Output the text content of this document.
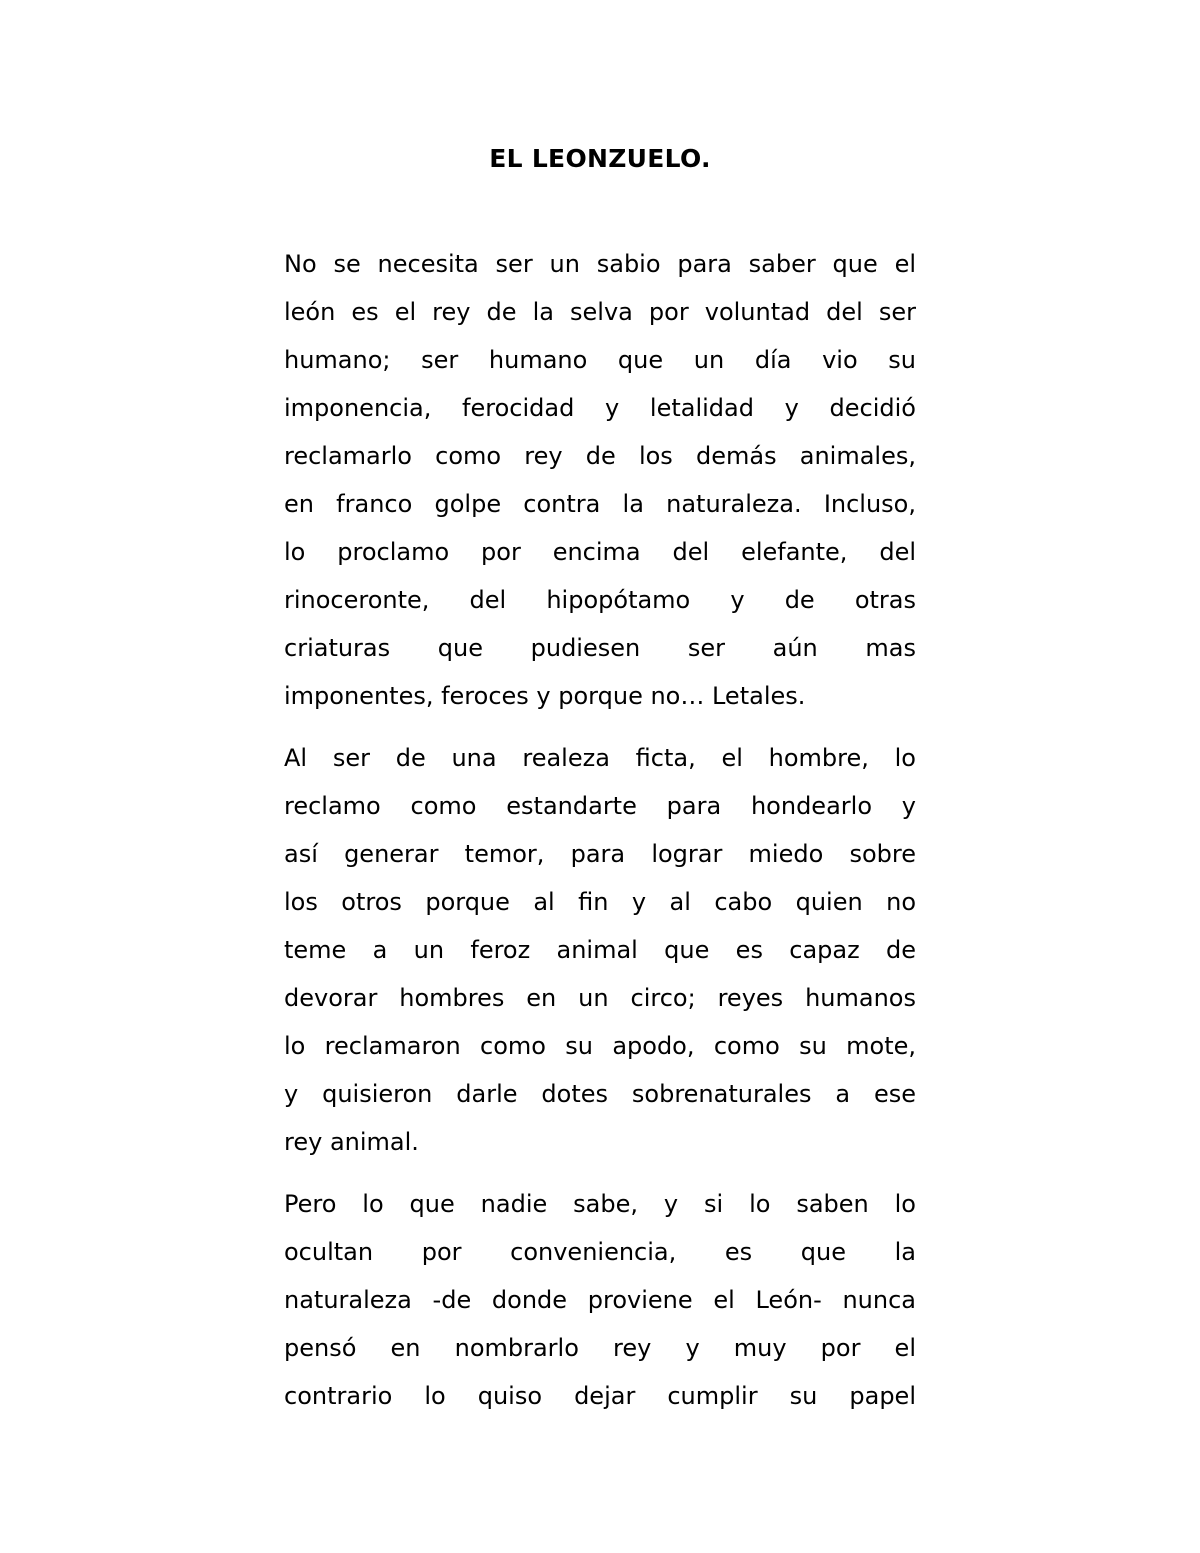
EL LEONZUELO.
No se necesita ser un sabio para saber que el
león es el rey de la selva por voluntad del ser
humano; ser humano que un día vio su
imponencia, ferocidad y letalidad y decidió
reclamarlo como rey de los demás animales,
en franco golpe contra la naturaleza. Incluso,
lo proclamo por encima del elefante, del
rinoceronte, del hipopótamo y de otras
criaturas que pudiesen ser aún mas
imponentes, feroces y porque no… Letales.
Al ser de una realeza ficta, el hombre, lo
reclamo como estandarte para hondearlo y
así generar temor, para lograr miedo sobre
los otros porque al fin y al cabo quien no
teme a un feroz animal que es capaz de
devorar hombres en un circo; reyes humanos
lo reclamaron como su apodo, como su mote,
y quisieron darle dotes sobrenaturales a ese
rey animal.
Pero lo que nadie sabe, y si lo saben lo
ocultan por conveniencia, es que la
naturaleza -de donde proviene el León- nunca
pensó en nombrarlo rey y muy por el
contrario lo quiso dejar cumplir su papel
